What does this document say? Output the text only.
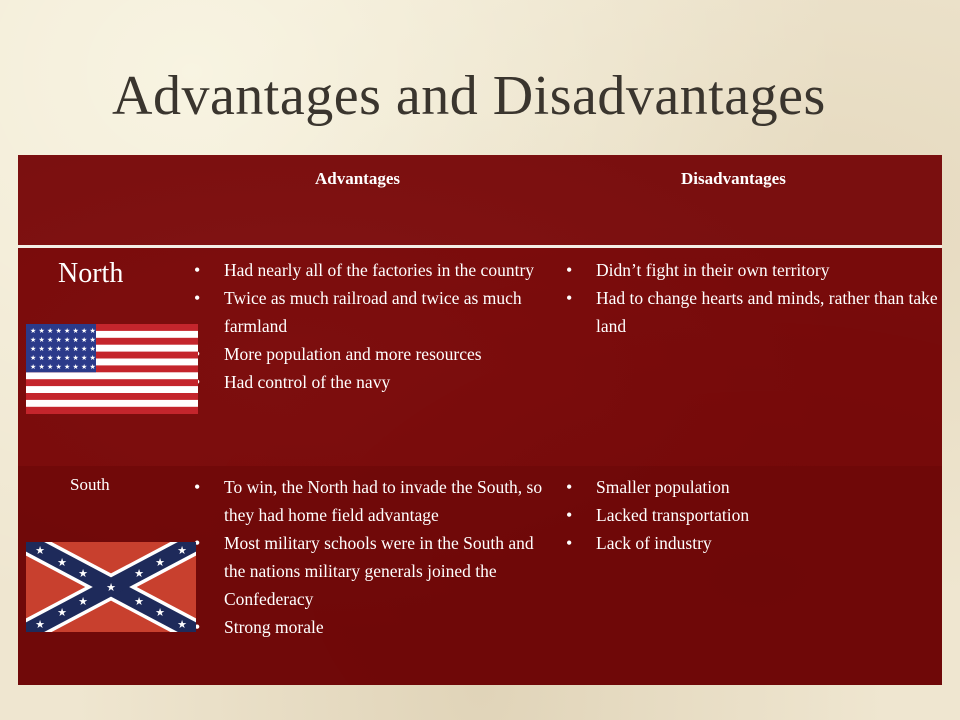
Advantages and Disadvantages
Advantages	Disadvantages
North
South
• Had nearly all of the factories in the country
• Twice as much railroad and twice as much farmland
• More population and more resources
• Had control of the navy
• Didn’t fight in their own territory
• Had to change hearts and minds, rather than take land
• To win, the North had to invade the South, so they had home field advantage
• Most military schools were in the South and the nations military generals joined the Confederacy
• Strong morale
• Smaller population
• Lacked transportation
• Lack of industry
★ ★ ★ ★ ★ ★ ★ ★
★ ★ ★ ★ ★ ★ ★ ★
★ ★ ★ ★ ★ ★ ★ ★
★ ★ ★ ★ ★ ★ ★ ★
★ ★ ★ ★ ★ ★ ★ ★
★
★
★	★
★
★
★
★
★
★
★
★
★
